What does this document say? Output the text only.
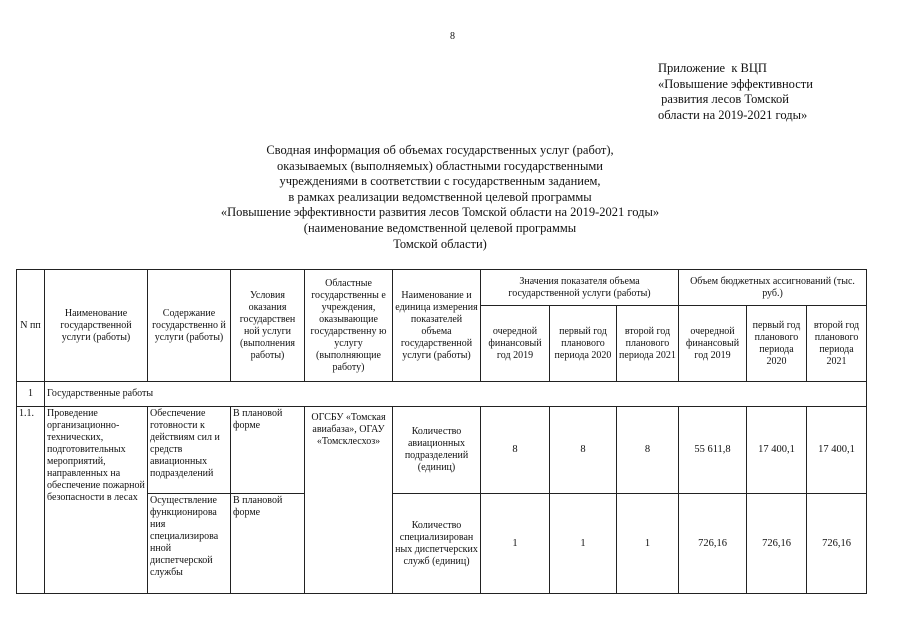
8
Приложение  к ВЦП
«Повышение эффективности
развития лесов Томской
области на 2019-2021 годы»
Сводная информация об объемах государственных услуг (работ),
оказываемых (выполняемых) областными государственными
учреждениями в соответствии с государственным заданием,
в рамках реализации ведомственной целевой программы
«Повышение эффективности развития лесов Томской области на 2019-2021 годы»
(наименование ведомственной целевой программы
Томской области)
N пп	Наименование государственной услуги (работы)	Содержание государственно й услуги (работы)	Условия оказания государствен ной услуги (выполнения работы)	Областные государственны е учреждения, оказывающие государственну ю услугу (выполняющие работу)	Наименование и единица измерения показателей объема государственной услуги (работы)	Значения показателя объема государственной услуги (работы)			Объем бюджетных ассигнований (тыс. руб.)		
						очередной финансовый год 2019	первый год планового периода 2020	второй год планового периода 2021	очередной финансовый год 2019	первый год планового периода 2020	второй год планового периода 2021
1	Государственные работы										
1.1.	Проведение организационно-технических, подготовительных мероприятий, направленных на обеспечение пожарной безопасности в лесах	Обеспечение готовности к действиям сил и средств авиационных подразделений	В плановой форме	ОГСБУ «Томская авиабаза», ОГАУ «Томсклесхоз»	Количество авиационных подразделений (единиц)	8	8	8	55 611,8	17 400,1	17 400,1
		Осуществление функционирова ния специализирова нной диспетчерской службы	В плановой форме		Количество специализирован ных диспетчерских служб (единиц)	1	1	1	726,16	726,16	726,16
